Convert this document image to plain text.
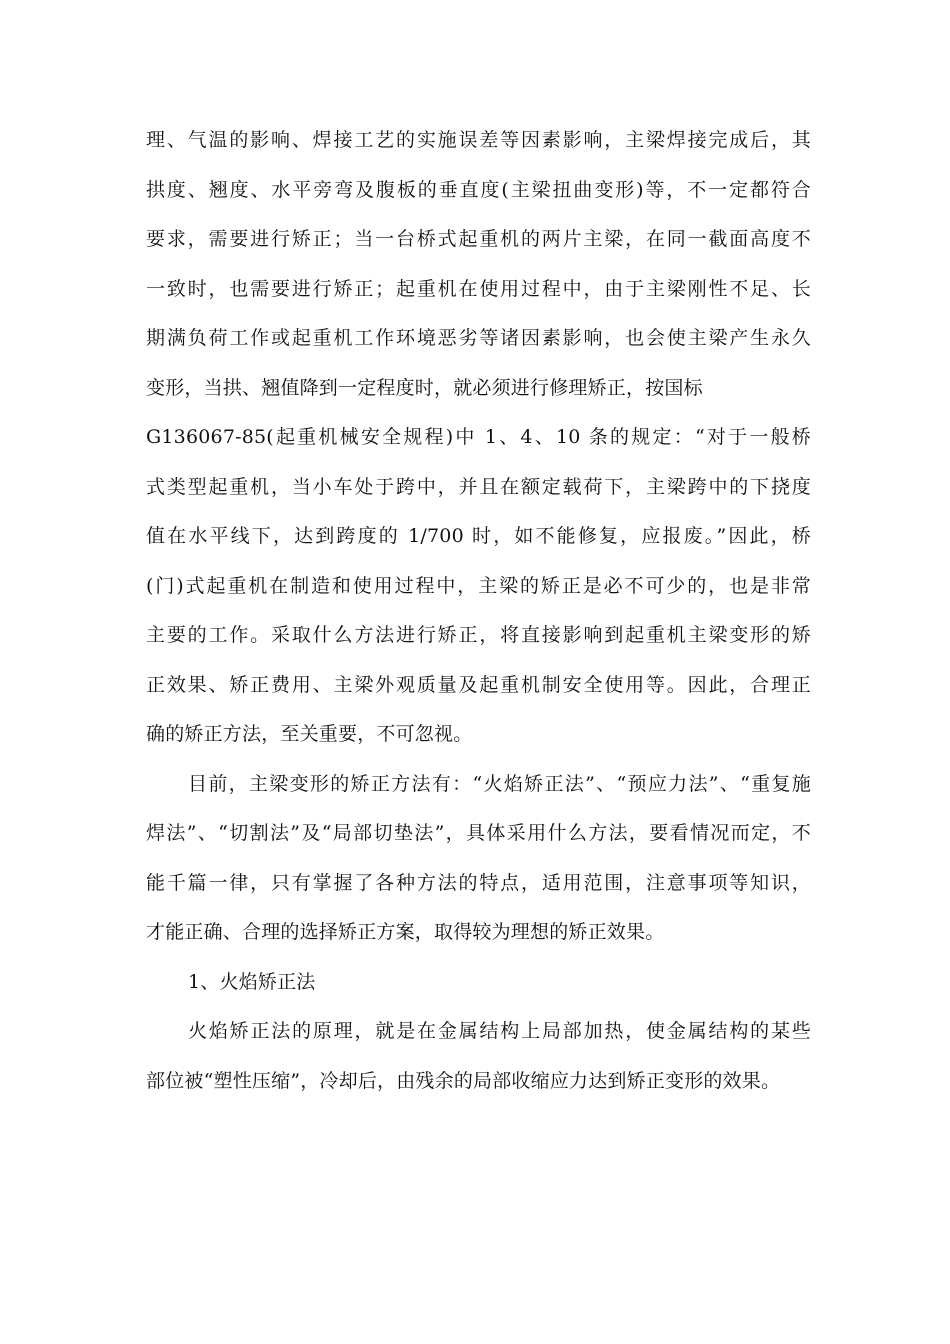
理、气温的影响、焊接工艺的实施误差等因素影响，主梁焊接完成后，其
拱度、翘度、水平旁弯及腹板的垂直度(主梁扭曲变形)等，不一定都符合
要求，需要进行矫正；当一台桥式起重机的两片主梁，在同一截面高度不
一致时，也需要进行矫正；起重机在使用过程中，由于主梁刚性不足、长
期满负荷工作或起重机工作环境恶劣等诸因素影响，也会使主梁产生永久
变形，当拱、翘值降到一定程度时，就必须进行修理矫正，按国标
G136067-85(起重机械安全规程)中 1、4、10 条的规定：“对于一般桥
式类型起重机，当小车处于跨中，并且在额定载荷下，主梁跨中的下挠度
值在水平线下，达到跨度的 1/700 时，如不能修复，应报废。”因此，桥
(门)式起重机在制造和使用过程中，主梁的矫正是必不可少的，也是非常
主要的工作。采取什么方法进行矫正，将直接影响到起重机主梁变形的矫
正效果、矫正费用、主梁外观质量及起重机制安全使用等。因此，合理正
确的矫正方法，至关重要，不可忽视。
目前，主梁变形的矫正方法有：“火焰矫正法”、“预应力法”、“重复施
焊法”、“切割法”及“局部切垫法”，具体采用什么方法，要看情况而定，不
能千篇一律，只有掌握了各种方法的特点，适用范围，注意事项等知识，
才能正确、合理的选择矫正方案，取得较为理想的矫正效果。
1、火焰矫正法
火焰矫正法的原理，就是在金属结构上局部加热，使金属结构的某些
部位被“塑性压缩”，冷却后，由残余的局部收缩应力达到矫正变形的效果。
